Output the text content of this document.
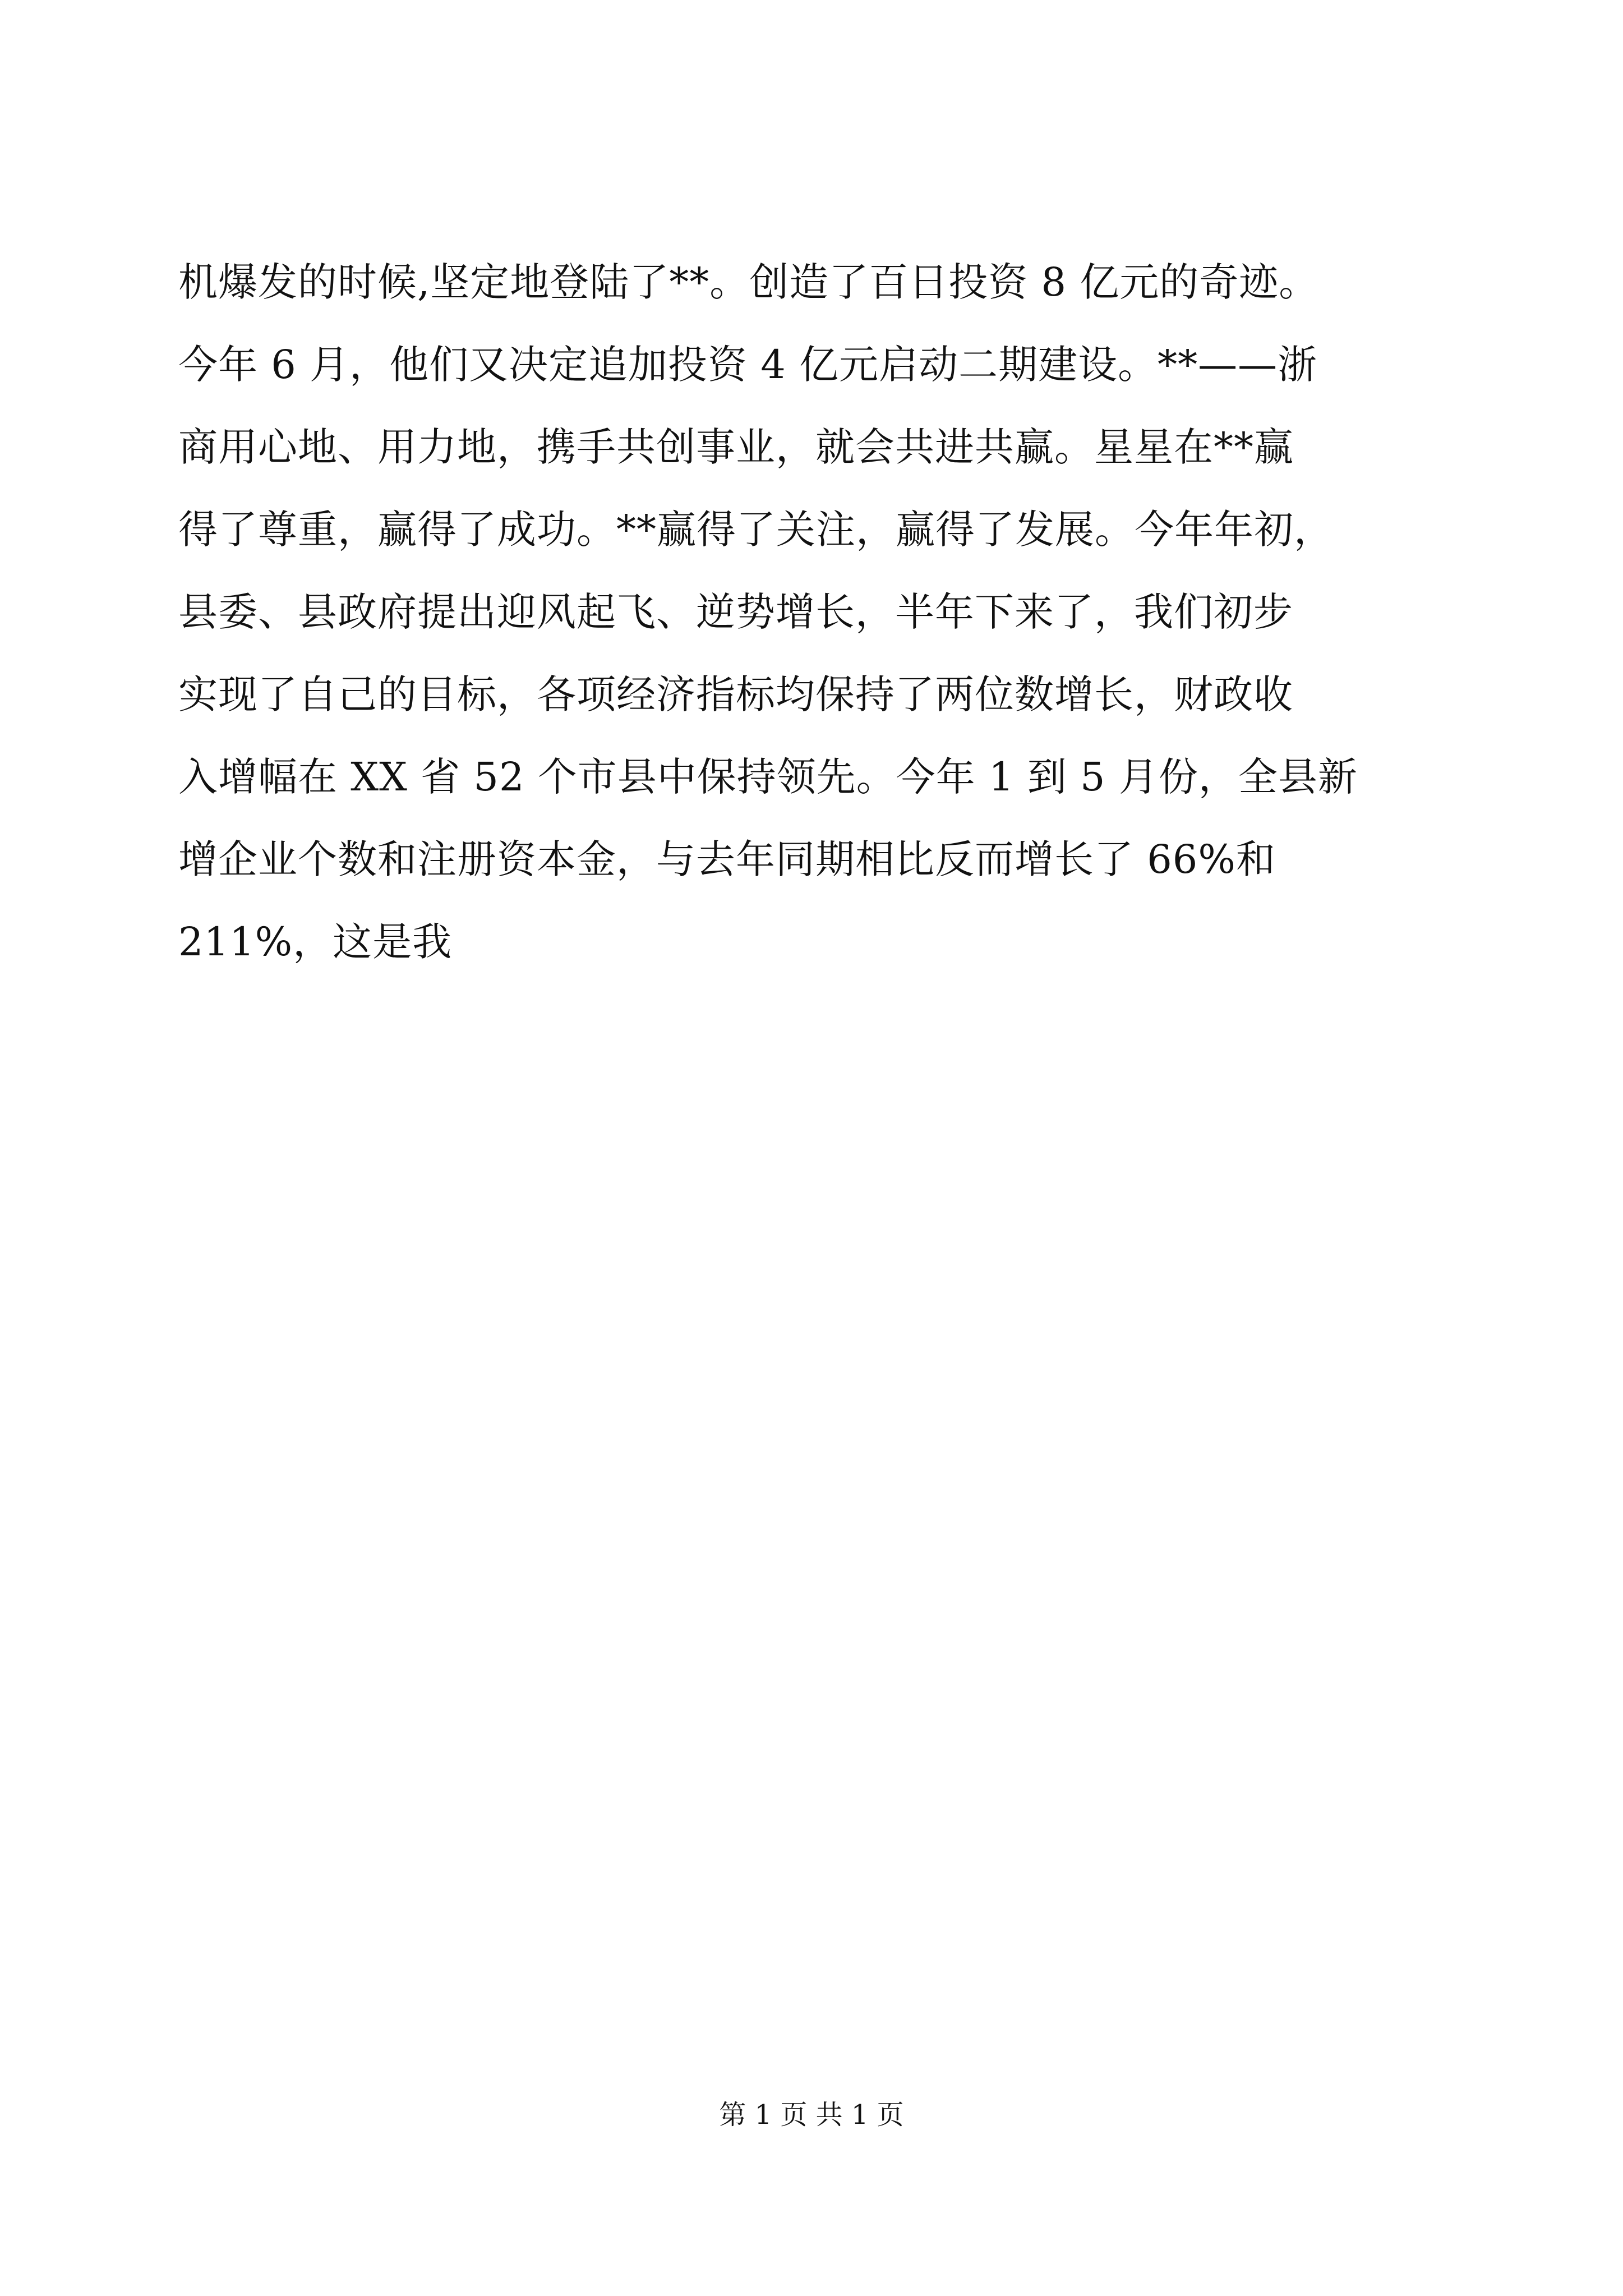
机爆发的时候,坚定地登陆了**。创造了百日投资 8 亿元的奇迹。
今年 6 月，他们又决定追加投资 4 亿元启动二期建设。**——浙
商用心地、用力地，携手共创事业，就会共进共赢。星星在**赢
得了尊重，赢得了成功。**赢得了关注，赢得了发展。今年年初，
县委、县政府提出迎风起飞、逆势增长，半年下来了，我们初步
实现了自己的目标，各项经济指标均保持了两位数增长，财政收
入增幅在 XX 省 52 个市县中保持领先。今年 1 到 5 月份，全县新
增企业个数和注册资本金，与去年同期相比反而增长了 66%和
211%，这是我
第 1 页 共 1 页
